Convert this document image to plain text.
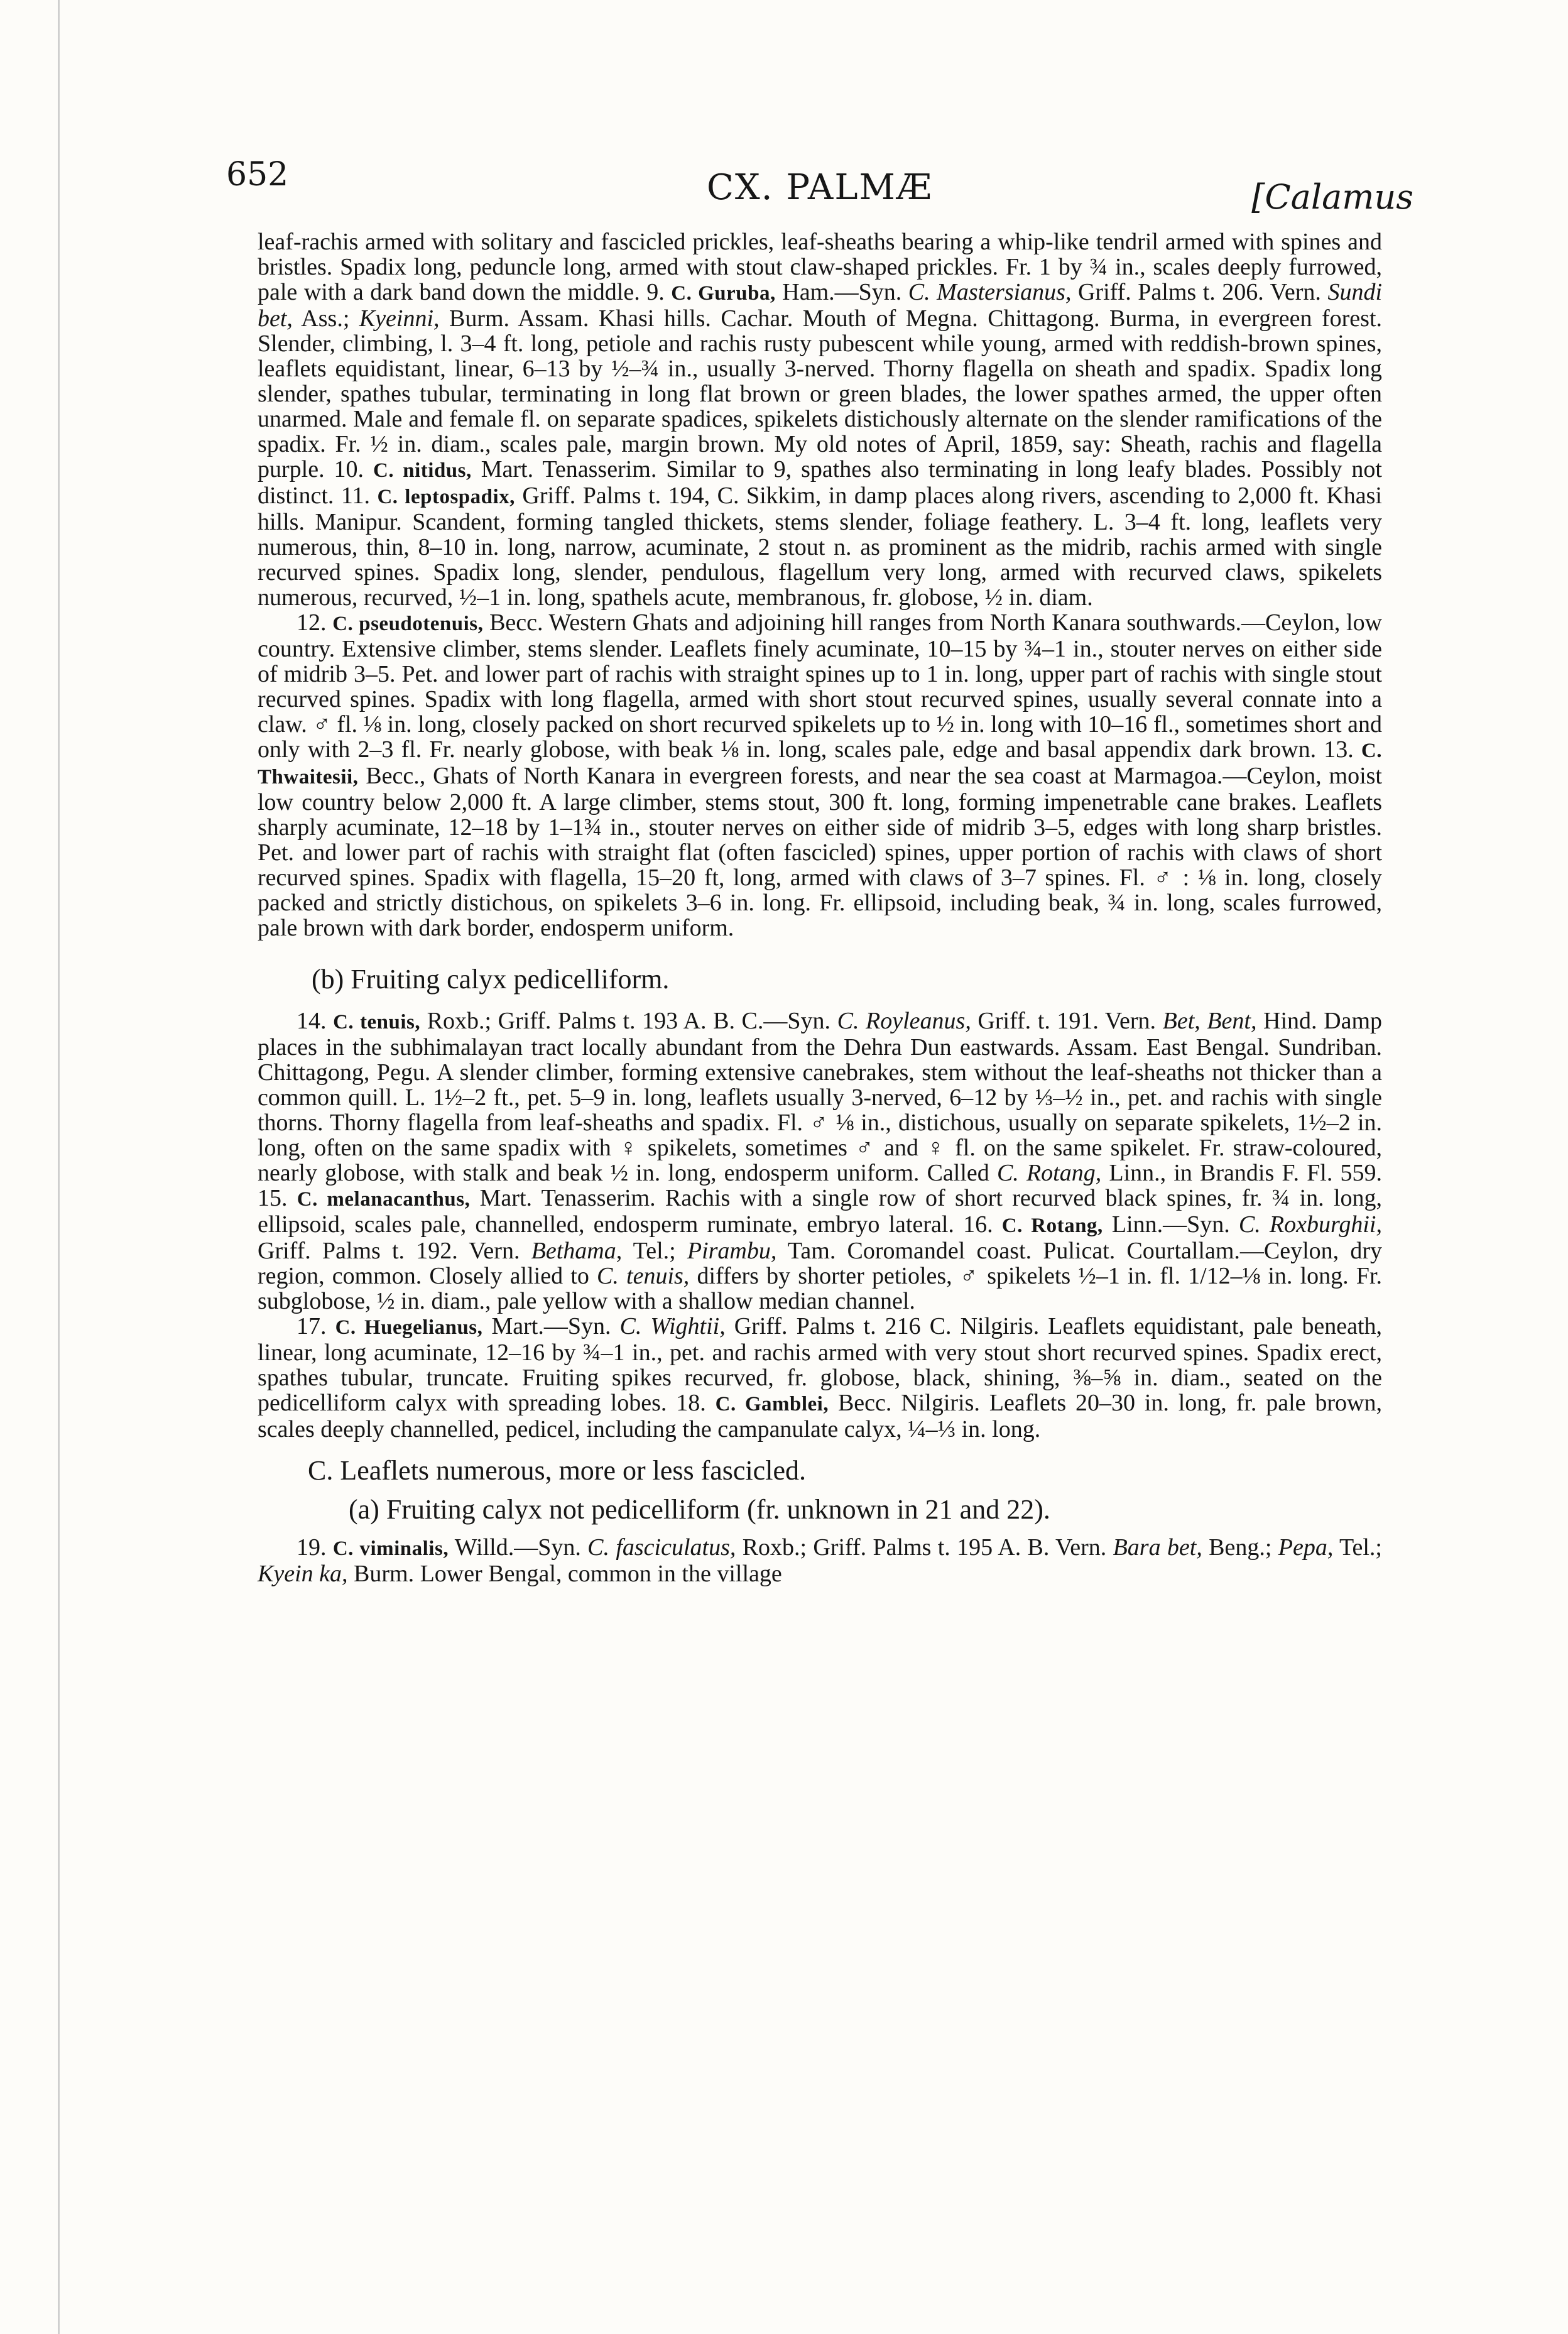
652	CX. PALMÆ	[Calamus

leaf-rachis armed with solitary and fascicled prickles, leaf-sheaths bearing a whip-like tendril armed with spines and bristles. Spadix long, peduncle long, armed with stout claw-shaped prickles. Fr. 1 by ¾ in., scales deeply furrowed, pale with a dark band down the middle. 9. C. Guruba, Ham.—Syn. C. Mastersianus, Griff. Palms t. 206. Vern. Sundi bet, Ass.; Kyeinni, Burm. Assam. Khasi hills. Cachar. Mouth of Megna. Chittagong. Burma, in evergreen forest. Slender, climbing, l. 3–4 ft. long, petiole and rachis rusty pubescent while young, armed with reddish-brown spines, leaflets equidistant, linear, 6–13 by ½–¾ in., usually 3-nerved. Thorny flagella on sheath and spadix. Spadix long slender, spathes tubular, terminating in long flat brown or green blades, the lower spathes armed, the upper often unarmed. Male and female fl. on separate spadices, spikelets distichously alternate on the slender ramifications of the spadix. Fr. ½ in. diam., scales pale, margin brown. My old notes of April, 1859, say: Sheath, rachis and flagella purple. 10. C. nitidus, Mart. Tenasserim. Similar to 9, spathes also terminating in long leafy blades. Possibly not distinct. 11. C. leptospadix, Griff. Palms t. 194, C. Sikkim, in damp places along rivers, ascending to 2,000 ft. Khasi hills. Manipur. Scandent, forming tangled thickets, stems slender, foliage feathery. L. 3–4 ft. long, leaflets very numerous, thin, 8–10 in. long, narrow, acuminate, 2 stout n. as prominent as the midrib, rachis armed with single recurved spines. Spadix long, slender, pendulous, flagellum very long, armed with recurved claws, spikelets numerous, recurved, ½–1 in. long, spathels acute, membranous, fr. globose, ½ in. diam.

12. C. pseudotenuis, Becc. Western Ghats and adjoining hill ranges from North Kanara southwards.—Ceylon, low country. Extensive climber, stems slender. Leaflets finely acuminate, 10–15 by ¾–1 in., stouter nerves on either side of midrib 3–5. Pet. and lower part of rachis with straight spines up to 1 in. long, upper part of rachis with single stout recurved spines. Spadix with long flagella, armed with short stout recurved spines, usually several connate into a claw. ♂ fl. ⅛ in. long, closely packed on short recurved spikelets up to ½ in. long with 10–16 fl., sometimes short and only with 2–3 fl. Fr. nearly globose, with beak ⅛ in. long, scales pale, edge and basal appendix dark brown. 13. C. Thwaitesii, Becc., Ghats of North Kanara in evergreen forests, and near the sea coast at Marmagoa.—Ceylon, moist low country below 2,000 ft. A large climber, stems stout, 300 ft. long, forming impenetrable cane brakes. Leaflets sharply acuminate, 12–18 by 1–1¾ in., stouter nerves on either side of midrib 3–5, edges with long sharp bristles. Pet. and lower part of rachis with straight flat (often fascicled) spines, upper portion of rachis with claws of short recurved spines. Spadix with flagella, 15–20 ft, long, armed with claws of 3–7 spines. Fl. ♂ : ⅛ in. long, closely packed and strictly distichous, on spikelets 3–6 in. long. Fr. ellipsoid, including beak, ¾ in. long, scales furrowed, pale brown with dark border, endosperm uniform.

(b) Fruiting calyx pedicelliform.

14. C. tenuis, Roxb.; Griff. Palms t. 193 A. B. C.—Syn. C. Royleanus, Griff. t. 191. Vern. Bet, Bent, Hind. Damp places in the subhimalayan tract locally abundant from the Dehra Dun eastwards. Assam. East Bengal. Sundriban. Chittagong, Pegu. A slender climber, forming extensive canebrakes, stem without the leaf-sheaths not thicker than a common quill. L. 1½–2 ft., pet. 5–9 in. long, leaflets usually 3-nerved, 6–12 by ⅓–½ in., pet. and rachis with single thorns. Thorny flagella from leaf-sheaths and spadix. Fl. ♂ ⅛ in., distichous, usually on separate spikelets, 1½–2 in. long, often on the same spadix with ♀ spikelets, sometimes ♂ and ♀ fl. on the same spikelet. Fr. straw-coloured, nearly globose, with stalk and beak ½ in. long, endosperm uniform. Called C. Rotang, Linn., in Brandis F. Fl. 559. 15. C. melanacanthus, Mart. Tenasserim. Rachis with a single row of short recurved black spines, fr. ¾ in. long, ellipsoid, scales pale, channelled, endosperm ruminate, embryo lateral. 16. C. Rotang, Linn.—Syn. C. Roxburghii, Griff. Palms t. 192. Vern. Bethama, Tel.; Pirambu, Tam. Coromandel coast. Pulicat. Courtallam.—Ceylon, dry region, common. Closely allied to C. tenuis, differs by shorter petioles, ♂ spikelets ½–1 in. fl. 1/12–⅛ in. long. Fr. subglobose, ½ in. diam., pale yellow with a shallow median channel.

17. C. Huegelianus, Mart.—Syn. C. Wightii, Griff. Palms t. 216 C. Nilgiris. Leaflets equidistant, pale beneath, linear, long acuminate, 12–16 by ¾–1 in., pet. and rachis armed with very stout short recurved spines. Spadix erect, spathes tubular, truncate. Fruiting spikes recurved, fr. globose, black, shining, ⅜–⅝ in. diam., seated on the pedicelliform calyx with spreading lobes. 18. C. Gamblei, Becc. Nilgiris. Leaflets 20–30 in. long, fr. pale brown, scales deeply channelled, pedicel, including the campanulate calyx, ¼–⅓ in. long.

C. Leaflets numerous, more or less fascicled.
(a) Fruiting calyx not pedicelliform (fr. unknown in 21 and 22).

19. C. viminalis, Willd.—Syn. C. fasciculatus, Roxb.; Griff. Palms t. 195 A. B. Vern. Bara bet, Beng.; Pepa, Tel.; Kyein ka, Burm. Lower Bengal, common in the village
